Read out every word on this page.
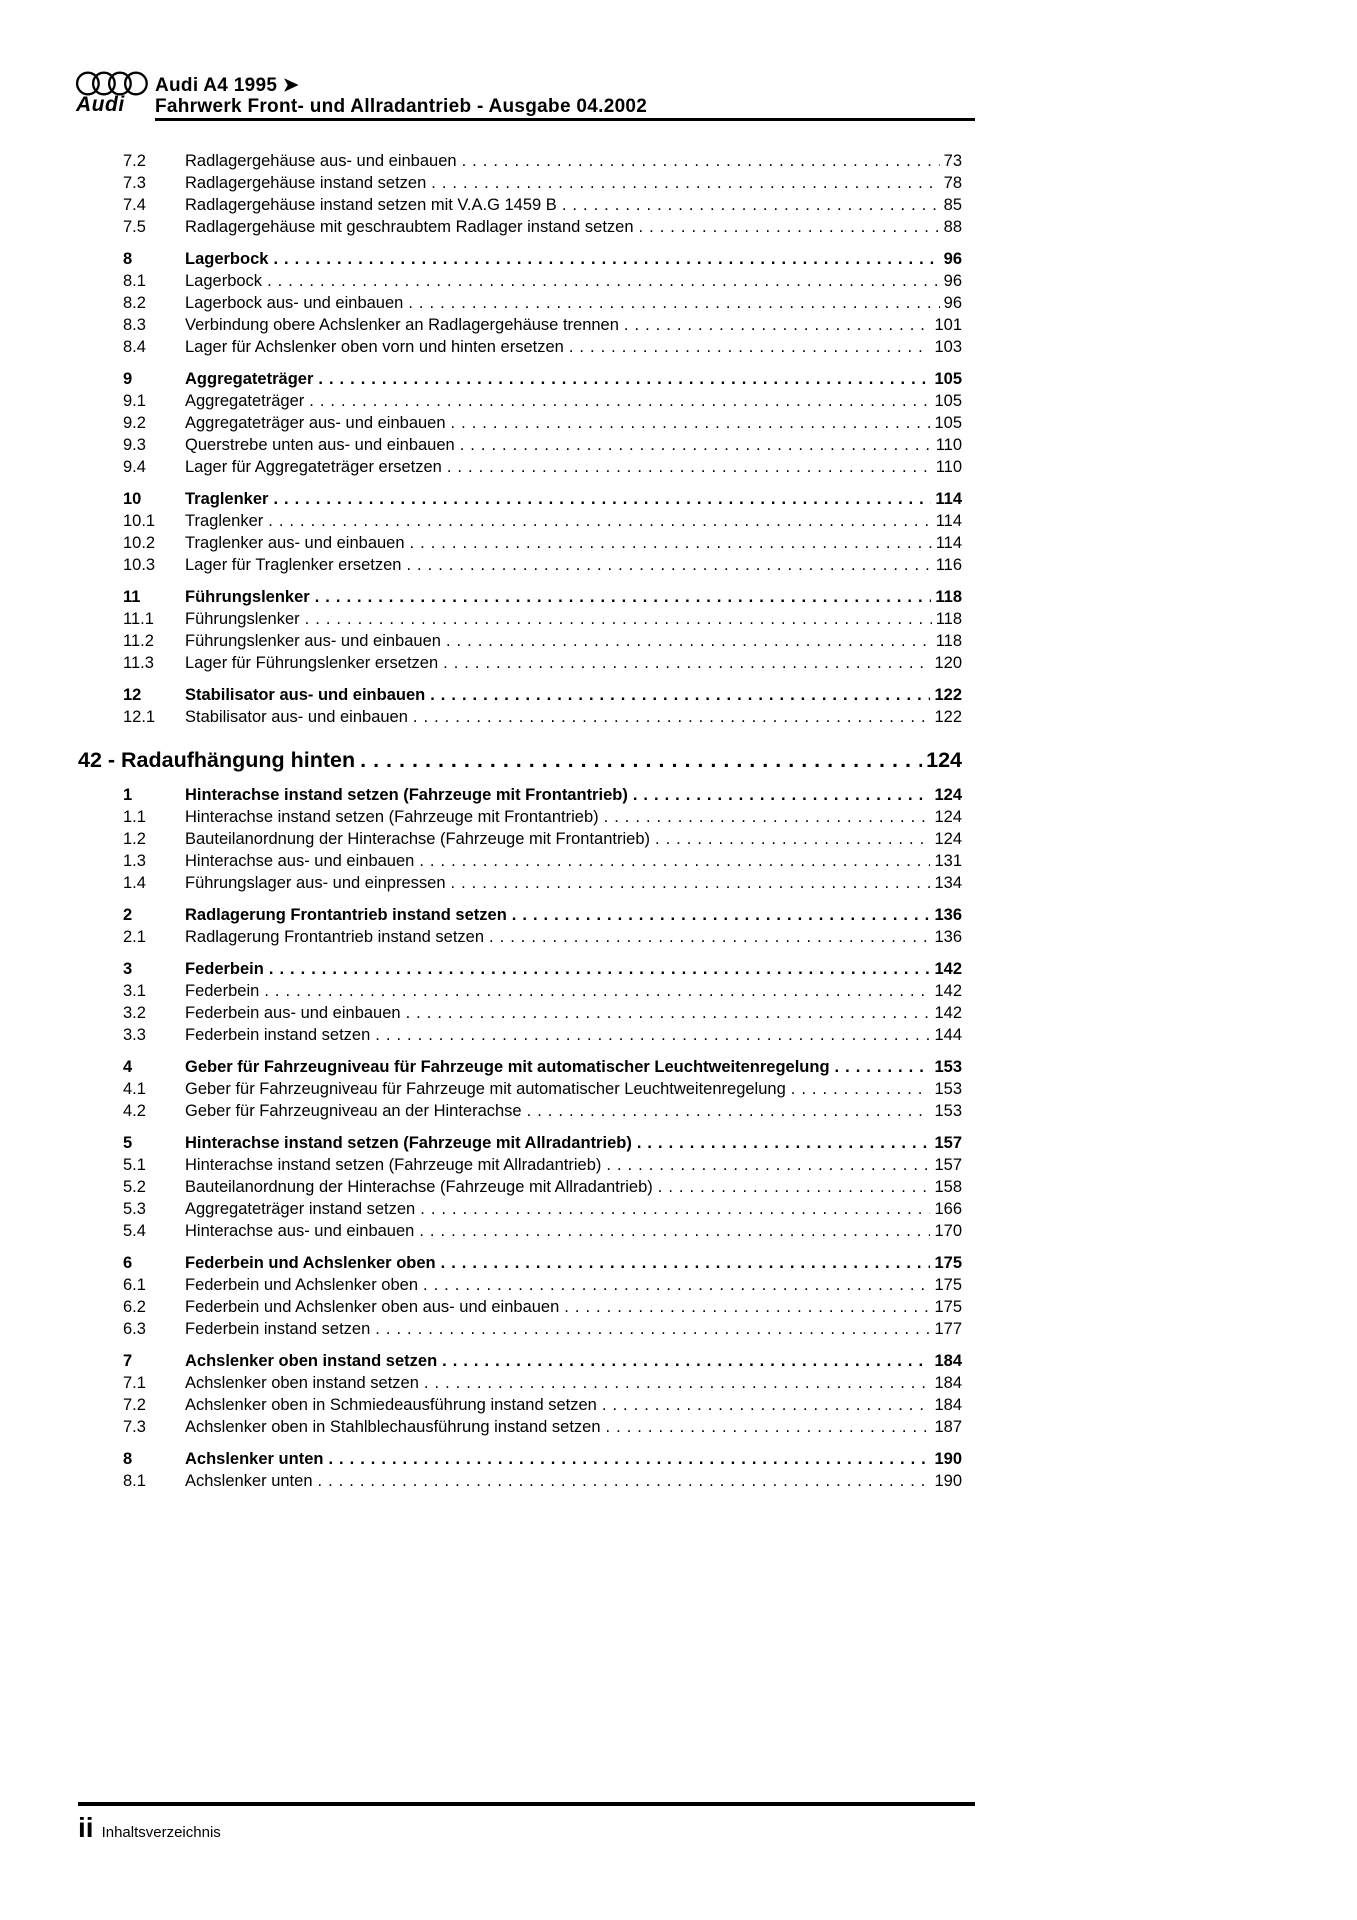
Audi
Audi A4 1995 ➤
Fahrwerk Front- und Allradantrieb - Ausgabe 04.2002
7.2	Radlagergehäuse aus- und einbauen .....	73
7.3	Radlagergehäuse instand setzen .....	78
7.4	Radlagergehäuse instand setzen mit V.A.G 1459 B .....	85
7.5	Radlagergehäuse mit geschraubtem Radlager instand setzen .....	88
8	Lagerbock .....	96
8.1	Lagerbock .....	96
8.2	Lagerbock aus- und einbauen .....	96
8.3	Verbindung obere Achslenker an Radlagergehäuse trennen .....	101
8.4	Lager für Achslenker oben vorn und hinten ersetzen .....	103
9	Aggregateträger .....	105
9.1	Aggregateträger .....	105
9.2	Aggregateträger aus- und einbauen .....	105
9.3	Querstrebe unten aus- und einbauen .....	110
9.4	Lager für Aggregateträger ersetzen .....	110
10	Traglenker .....	114
10.1	Traglenker .....	114
10.2	Traglenker aus- und einbauen .....	114
10.3	Lager für Traglenker ersetzen .....	116
11	Führungslenker .....	118
11.1	Führungslenker .....	118
11.2	Führungslenker aus- und einbauen .....	118
11.3	Lager für Führungslenker ersetzen .....	120
12	Stabilisator aus- und einbauen .....	122
12.1	Stabilisator aus- und einbauen .....	122
42 - Radaufhängung hinten .....	124
1	Hinterachse instand setzen (Fahrzeuge mit Frontantrieb) .....	124
1.1	Hinterachse instand setzen (Fahrzeuge mit Frontantrieb) .....	124
1.2	Bauteilanordnung der Hinterachse (Fahrzeuge mit Frontantrieb) .....	124
1.3	Hinterachse aus- und einbauen .....	131
1.4	Führungslager aus- und einpressen .....	134
2	Radlagerung Frontantrieb instand setzen .....	136
2.1	Radlagerung Frontantrieb instand setzen .....	136
3	Federbein .....	142
3.1	Federbein .....	142
3.2	Federbein aus- und einbauen .....	142
3.3	Federbein instand setzen .....	144
4	Geber für Fahrzeugniveau für Fahrzeuge mit automatischer Leuchtweitenregelung .....	153
4.1	Geber für Fahrzeugniveau für Fahrzeuge mit automatischer Leuchtweitenregelung .....	153
4.2	Geber für Fahrzeugniveau an der Hinterachse .....	153
5	Hinterachse instand setzen (Fahrzeuge mit Allradantrieb) .....	157
5.1	Hinterachse instand setzen (Fahrzeuge mit Allradantrieb) .....	157
5.2	Bauteilanordnung der Hinterachse (Fahrzeuge mit Allradantrieb) .....	158
5.3	Aggregateträger instand setzen .....	166
5.4	Hinterachse aus- und einbauen .....	170
6	Federbein und Achslenker oben .....	175
6.1	Federbein und Achslenker oben .....	175
6.2	Federbein und Achslenker oben aus- und einbauen .....	175
6.3	Federbein instand setzen .....	177
7	Achslenker oben instand setzen .....	184
7.1	Achslenker oben instand setzen .....	184
7.2	Achslenker oben in Schmiedeausführung instand setzen .....	184
7.3	Achslenker oben in Stahlblechausführung instand setzen .....	187
8	Achslenker unten .....	190
8.1	Achslenker unten .....	190
ii Inhaltsverzeichnis
